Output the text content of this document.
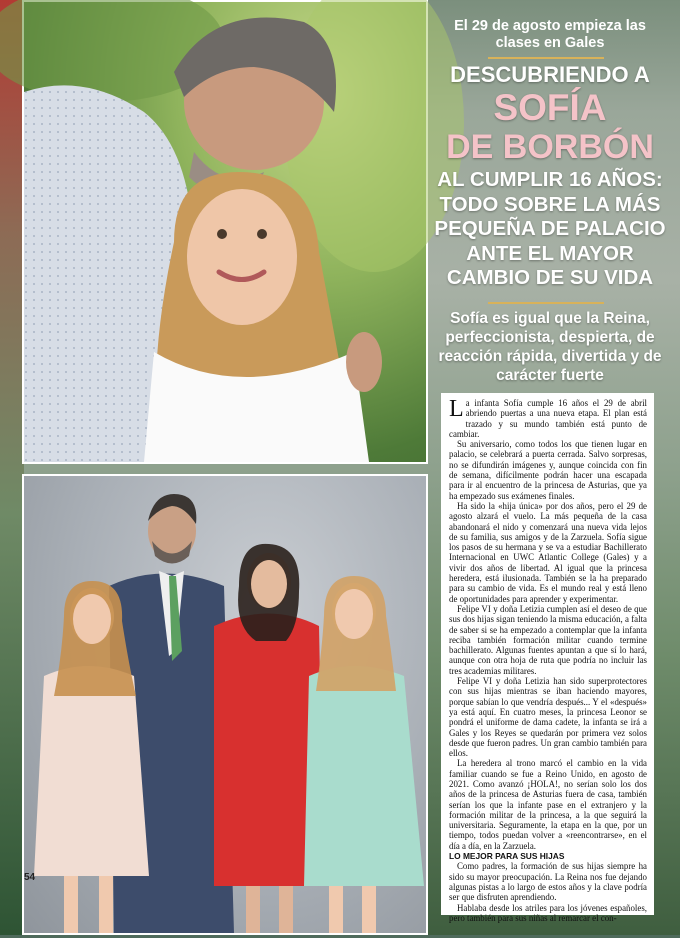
54
El 29 de agosto empieza las clases en Gales
DESCUBRIENDO A
SOFÍA
DE BORBÓN
AL CUMPLIR 16 AÑOS: TODO SOBRE LA MÁS PEQUEÑA DE PALACIO ANTE EL MAYOR CAMBIO DE SU VIDA
Sofía es igual que la Reina, perfeccionista, despierta, de reacción rápida, divertida y de carácter fuerte

La infanta Sofía cumple 16 años el 29 de abril abriendo puertas a una nueva etapa. El plan está trazado y su mundo también está punto de cambiar.

Su aniversario, como todos los que tienen lugar en palacio, se celebrará a puerta cerrada. Salvo sorpresas, no se difundirán imágenes y, aunque coincida con fin de semana, difícilmente podrán hacer una escapada para ir al encuentro de la princesa de Asturias, que ya ha empezado sus exámenes finales.

Ha sido la «hija única» por dos años, pero el 29 de agosto alzará el vuelo. La más pequeña de la casa abandonará el nido y comenzará una nueva vida lejos de su familia, sus amigos y de la Zarzuela. Sofía sigue los pasos de su hermana y se va a estudiar Bachillerato Internacional en UWC Atlantic College (Gales) y a vivir dos años de libertad. Al igual que la princesa heredera, está ilusionada. También se la ha preparado para su cambio de vida. Es el mundo real y está lleno de oportunidades para aprender y experimentar.

Felipe VI y doña Letizia cumplen así el deseo de que sus dos hijas sigan teniendo la misma educación, a falta de saber si se ha empezado a contemplar que la infanta reciba también formación militar cuando termine bachillerato. Algunas fuentes apuntan a que sí lo hará, aunque con otra hoja de ruta que podría no incluir las tres academias militares.

Felipe VI y doña Letizia han sido superprotectores con sus hijas mientras se iban haciendo mayores, porque sabían lo que vendría después... Y el «después» ya está aquí. En cuatro meses, la princesa Leonor se pondrá el uniforme de dama cadete, la infanta se irá a Gales y los Reyes se quedarán por primera vez solos desde que fueron padres. Un gran cambio también para ellos.

La heredera al trono marcó el cambio en la vida familiar cuando se fue a Reino Unido, en agosto de 2021. Como avanzó ¡HOLA!, no serían solo los dos años de la princesa de Asturias fuera de casa, también serían los que la infante pase en el extranjero y la formación militar de la princesa, a la que seguirá la universitaria. Seguramente, la etapa en la que, por un tiempo, todos puedan volver a «reencontrarse», en el día a día, en la Zarzuela.

LO MEJOR PARA SUS HIJAS

Como padres, la formación de sus hijas siempre ha sido su mayor preocupación. La Reina nos fue dejando algunas pistas a lo largo de estos años y la clave podría ser que disfruten aprendiendo.

Hablaba desde los atriles para los jóvenes españoles, pero también para sus niñas al remarcar el con-
